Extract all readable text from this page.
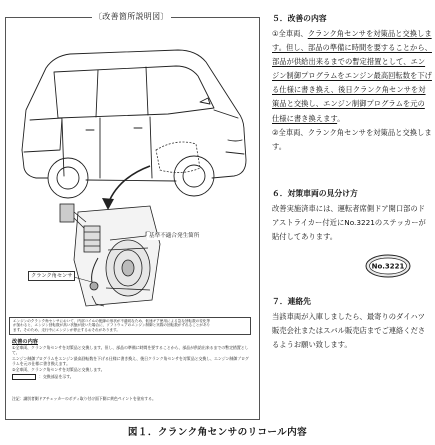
〔改善箇所説明図〕
基準不適合発生箇所
クランク角センサ
エンジンのクランク角センサにおいて、内部コイルの配線の形状が不適切なため、低速ギア使用による急な回転数の変化等
が加わると、エンジン回転数が高い状態が続いた場合に、ソフトウェアのエンジン制御と実際の回転数がずれることがあり
ます。そのため、走行中にエンジンが停止するおそれがあります。
改善の内容

①全車両、クランク角センサを対策品と交換します。但し、部品の準備に時間を要することから、部品が供給出来るまでの暫定措置として、

エンジン制御プログラムをエンジン最高回転数を下げる仕様に書き換え、後日クランク角センサを対策品と交換し、エンジン制御プログラムを元の仕様に書き換えます。

②全車両、クランク角センサを対策品と交換します。

：交換部品を示す。
注記：識別者側ドアチェッカーのボディ取り付け面下側に黄色ペイントを塗布する。
５．改善の内容

①全車両、クランク角センサを対策品と交換します。但し、部品の準備に時間を要することから、部品が供給出来るまでの暫定措置として、エンジン制御プログラムをエンジン最高回転数を下げる仕様に書き換え、後日クランク角センサを対策品と交換し、エンジン制御プログラムを元の仕様に書き換えます。

②全車両、クランク角センサを対策品と交換します。

６．対策車両の見分け方
改善実施済車には、運転者席側ドア開口部のドアストライカー付近にNo.3221のステッカーが貼付してあります。
No.3221
７．連絡先
当該車両が入庫しましたら、最寄りのダイハツ販売会社またはスバル販売店までご連絡くださるようお願い致します。
図１．クランク角センサのリコール内容
